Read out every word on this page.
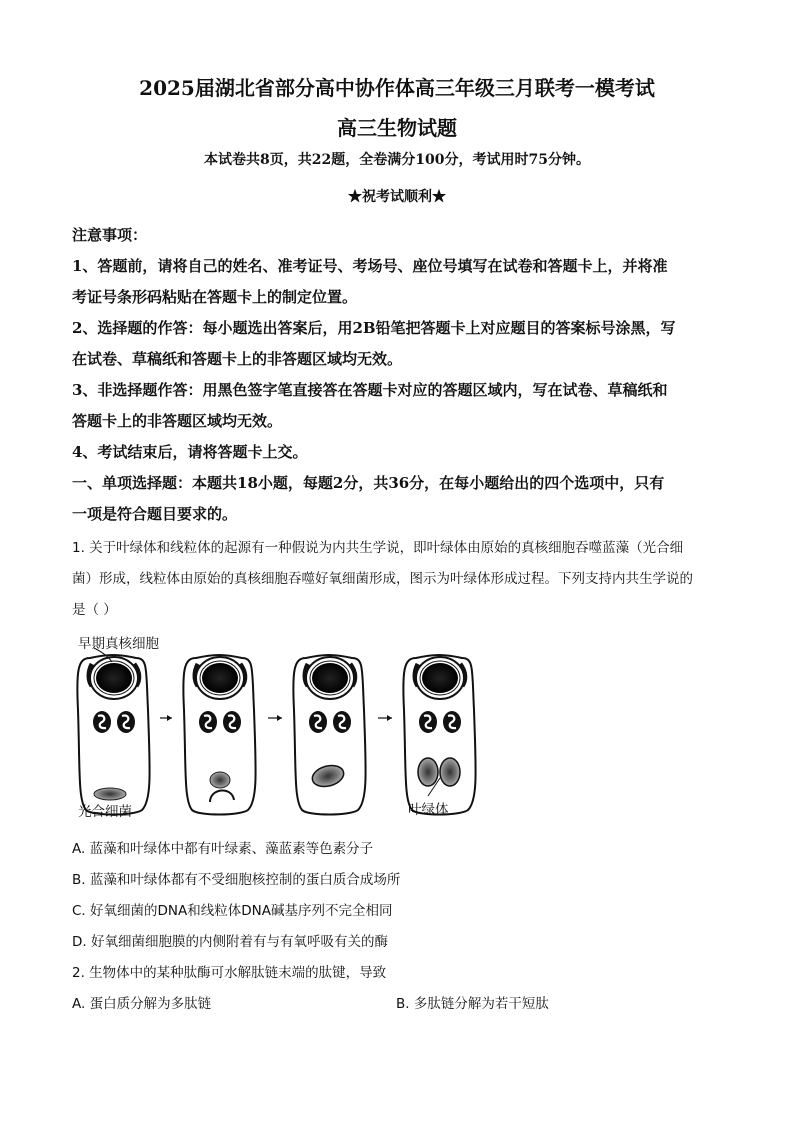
2025届湖北省部分高中协作体高三年级三月联考一模考试
高三生物试题
本试卷共8页，共22题，全卷满分100分，考试用时75分钟。
★祝考试顺利★
注意事项：
1、答题前，请将自己的姓名、准考证号、考场号、座位号填写在试卷和答题卡上，并将准
考证号条形码粘贴在答题卡上的制定位置。
2、选择题的作答：每小题选出答案后，用2B铅笔把答题卡上对应题目的答案标号涂黑，写
在试卷、草稿纸和答题卡上的非答题区域均无效。
3、非选择题作答：用黑色签字笔直接答在答题卡对应的答题区域内，写在试卷、草稿纸和
答题卡上的非答题区域均无效。
4、考试结束后，请将答题卡上交。
一、单项选择题：本题共18小题，每题2分，共36分，在每小题给出的四个选项中，只有
一项是符合题目要求的。
1. 关于叶绿体和线粒体的起源有一种假说为内共生学说，即叶绿体由原始的真核细胞吞噬蓝藻（光合细
菌）形成，线粒体由原始的真核细胞吞噬好氧细菌形成，图示为叶绿体形成过程。下列支持内共生学说的
是（ ）
早期真核细胞
光合细菌	叶绿体
A. 蓝藻和叶绿体中都有叶绿素、藻蓝素等色素分子
B. 蓝藻和叶绿体都有不受细胞核控制的蛋白质合成场所
C. 好氧细菌的DNA和线粒体DNA碱基序列不完全相同
D. 好氧细菌细胞膜的内侧附着有与有氧呼吸有关的酶
2. 生物体中的某种肽酶可水解肽链末端的肽键，导致
A. 蛋白质分解为多肽链	B. 多肽链分解为若干短肽
